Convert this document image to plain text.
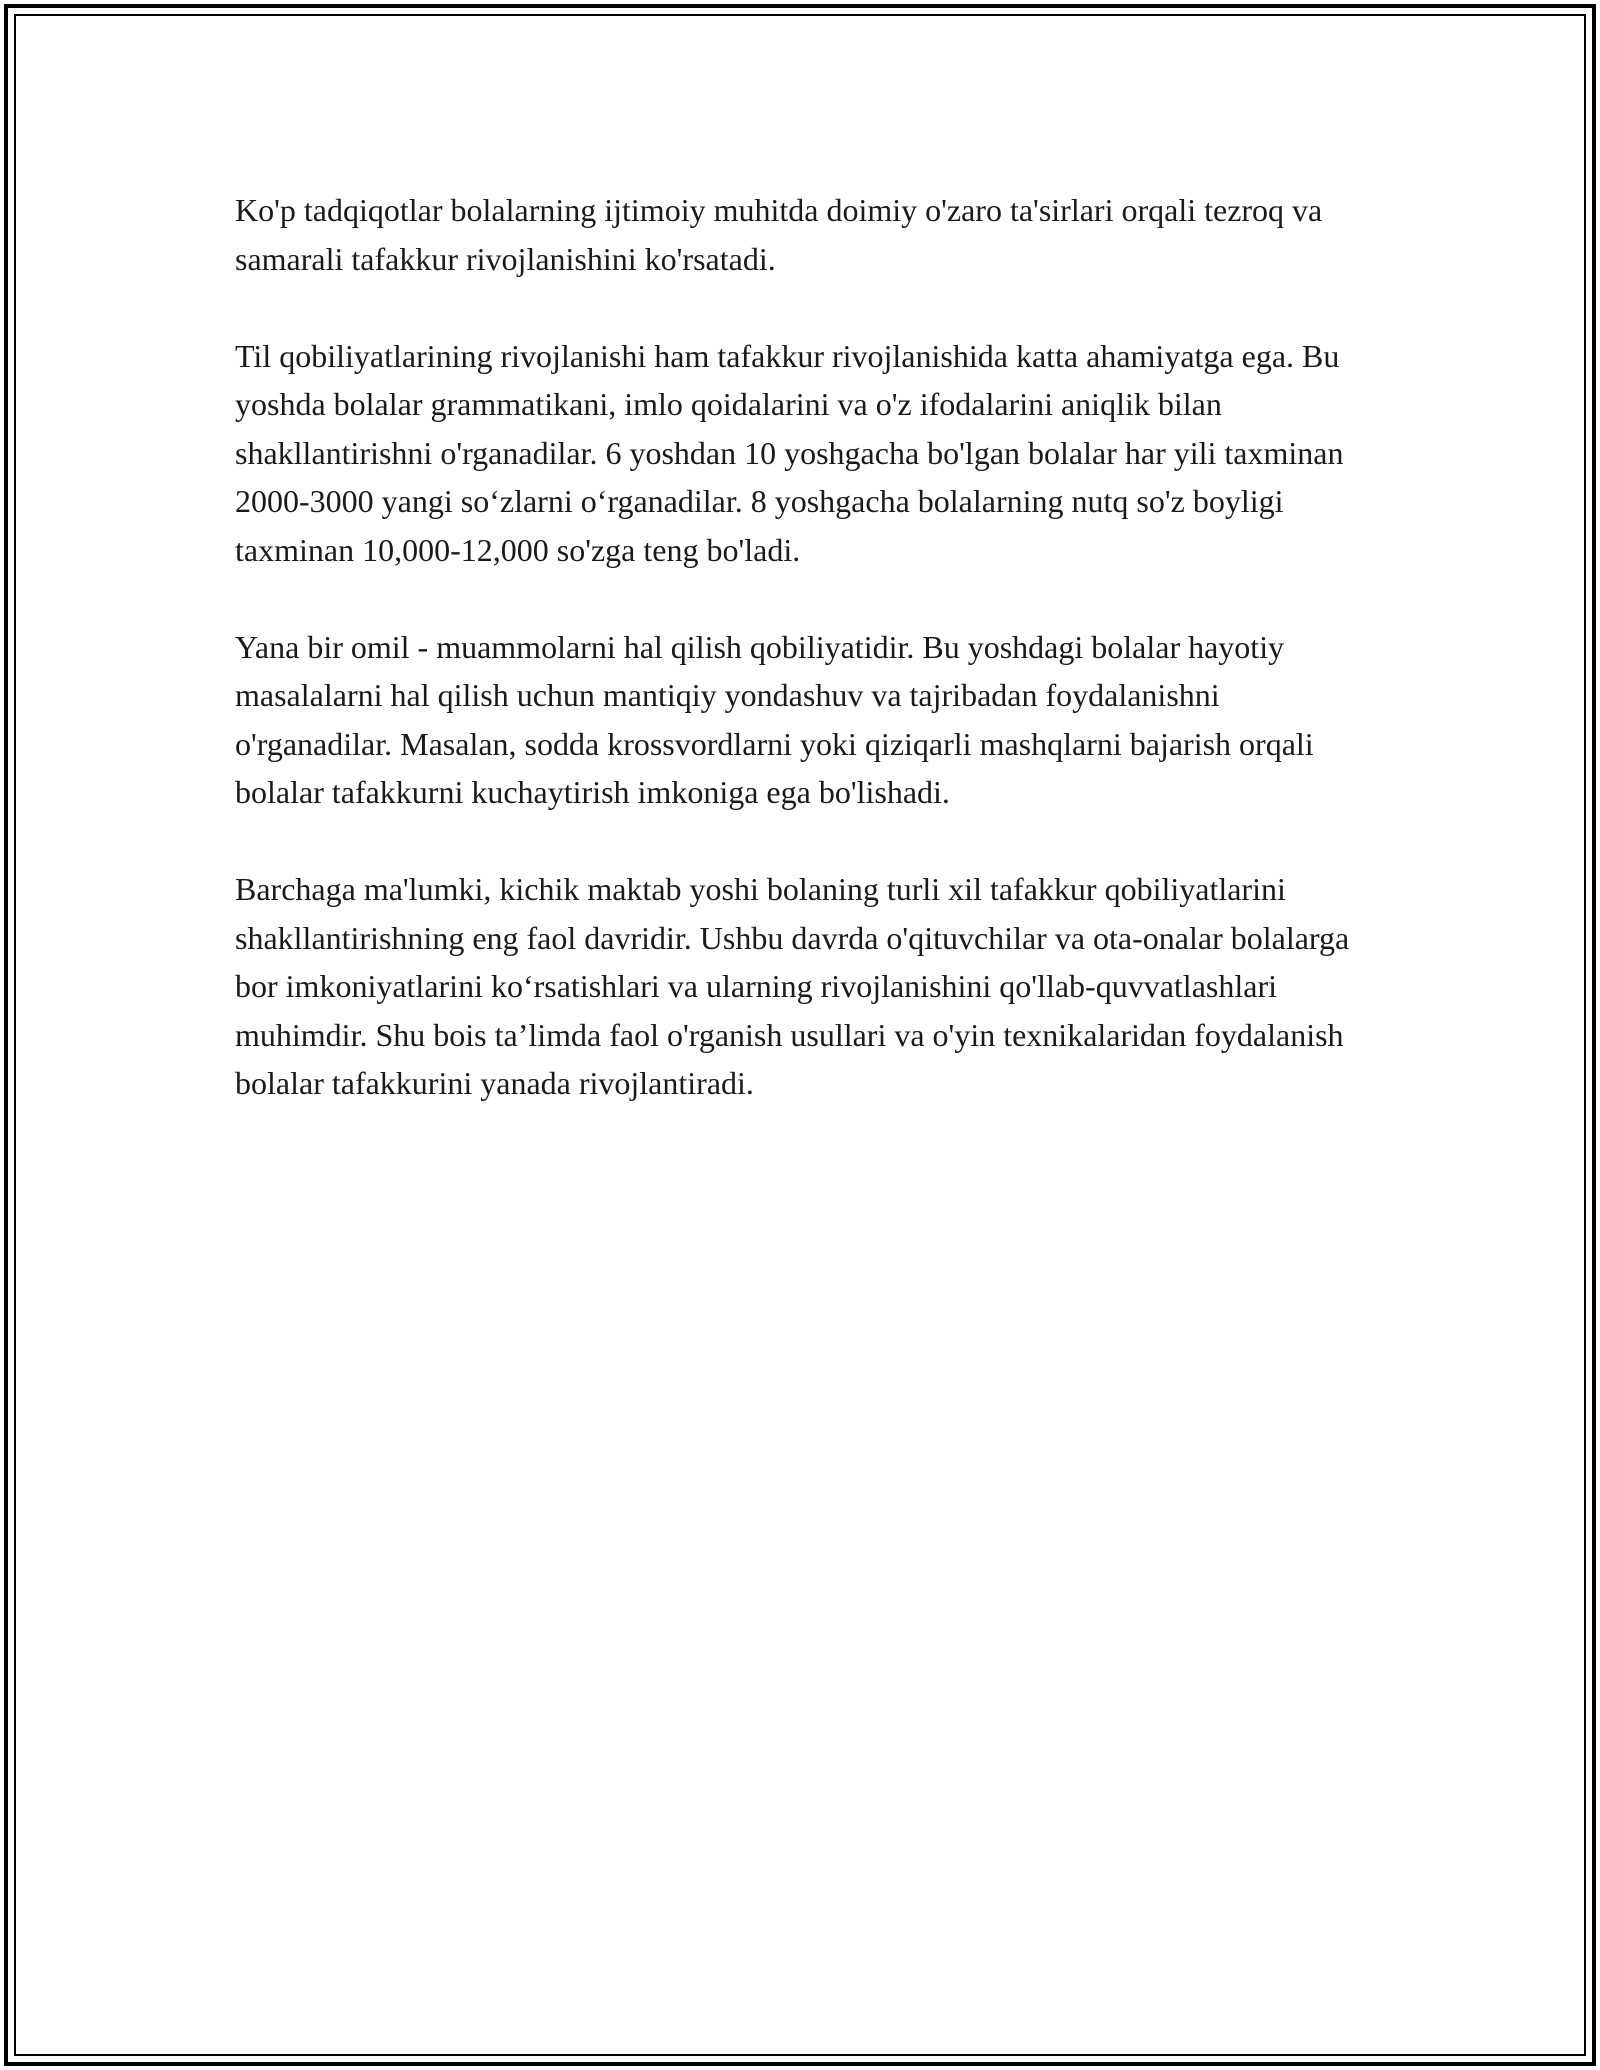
Ko'p tadqiqotlar bolalarning ijtimoiy muhitda doimiy o'zaro ta'sirlari orqali tezroq va samarali tafakkur rivojlanishini ko'rsatadi.

Til qobiliyatlarining rivojlanishi ham tafakkur rivojlanishida katta ahamiyatga ega. Bu yoshda bolalar grammatikani, imlo qoidalarini va o'z ifodalarini aniqlik bilan shakllantirishni o'rganadilar. 6 yoshdan 10 yoshgacha bo'lgan bolalar har yili taxminan 2000-3000 yangi so‘zlarni o‘rganadilar. 8 yoshgacha bolalarning nutq so'z boyligi taxminan 10,000-12,000 so'zga teng bo'ladi.

Yana bir omil - muammolarni hal qilish qobiliyatidir. Bu yoshdagi bolalar hayotiy masalalarni hal qilish uchun mantiqiy yondashuv va tajribadan foydalanishni o'rganadilar. Masalan, sodda krossvordlarni yoki qiziqarli mashqlarni bajarish orqali bolalar tafakkurni kuchaytirish imkoniga ega bo'lishadi.

Barchaga ma'lumki, kichik maktab yoshi bolaning turli xil tafakkur qobiliyatlarini shakllantirishning eng faol davridir. Ushbu davrda o'qituvchilar va ota-onalar bolalarga bor imkoniyatlarini ko‘rsatishlari va ularning rivojlanishini qo'llab-quvvatlashlari muhimdir. Shu bois ta’limda faol o'rganish usullari va o'yin texnikalaridan foydalanish bolalar tafakkurini yanada rivojlantiradi.
